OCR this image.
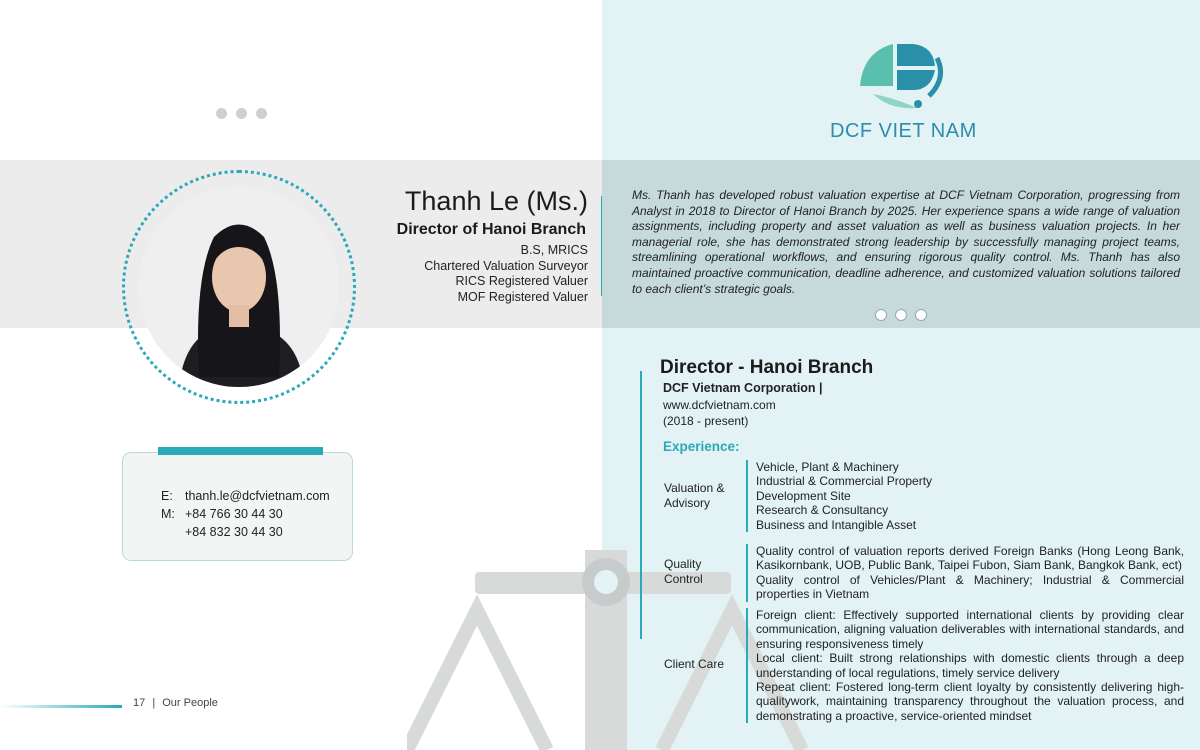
Thanh Le (Ms.)
Director of Hanoi Branch
B.S, MRICS
Chartered Valuation Surveyor
RICS Registered Valuer
MOF Registered Valuer
E: thanh.le@dcfvietnam.com
M: +84 766 30 44 30
+84 832 30 44 30
17 | Our People
DCF VIET NAM
Ms. Thanh has developed robust valuation expertise at DCF Vietnam Corporation, progressing from Analyst in 2018 to Director of Hanoi Branch by 2025. Her experience spans a wide range of valuation assignments, including property and asset valuation as well as business valuation projects. In her managerial role, she has demonstrated strong leadership by successfully managing project teams, streamlining operational workflows, and ensuring rigorous quality control. Ms. Thanh has also maintained proactive communication, deadline adherence, and customized valuation solutions tailored to each client’s strategic goals.
Director - Hanoi Branch
DCF Vietnam Corporation |
www.dcfvietnam.com
(2018 - present)
Experience:
Valuation & Advisory
Vehicle, Plant & Machinery
Industrial & Commercial Property
Development Site
Research & Consultancy
Business and Intangible Asset
Quality Control
Quality control of valuation reports derived Foreign Banks (Hong Leong Bank, Kasikornbank, UOB, Public Bank, Taipei Fubon, Siam Bank, Bangkok Bank, ect)
Quality control of Vehicles/Plant & Machinery; Industrial & Commercial properties in Vietnam
Client Care
Foreign client: Effectively supported international clients by providing clear communication, aligning valuation deliverables with international standards, and ensuring responsiveness timely
Local client: Built strong relationships with domestic clients through a deep understanding of local regulations, timely service delivery
Repeat client: Fostered long-term client loyalty by consistently delivering high-qualitywork, maintaining transparency throughout the valuation process, and demonstrating a proactive, service-oriented mindset
